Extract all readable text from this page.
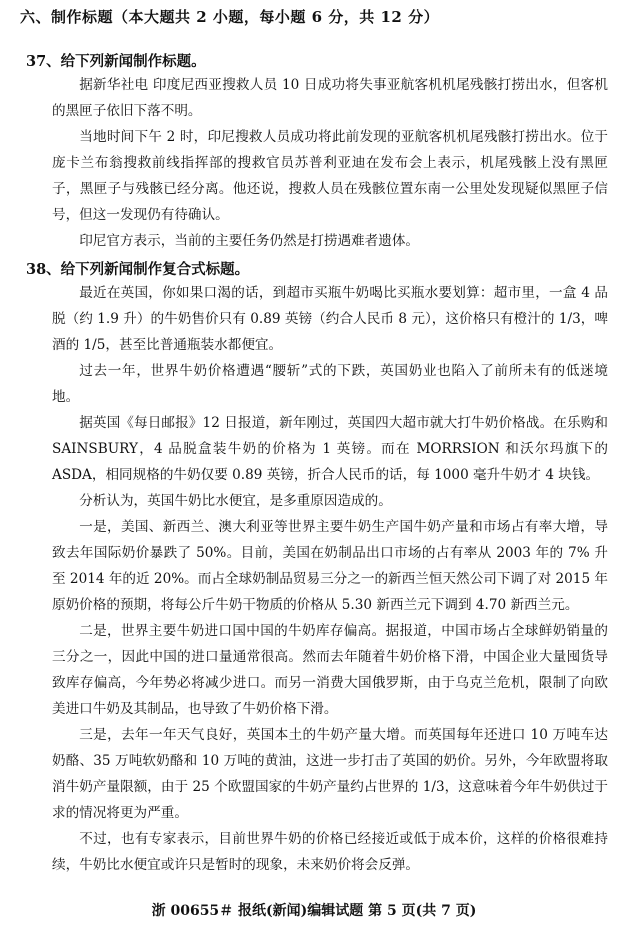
六、制作标题（本大题共 2 小题，每小题 6 分，共 12 分）
37、给下列新闻制作标题。

据新华社电 印度尼西亚搜救人员 10 日成功将失事亚航客机机尾残骸打捞出水，但客机的黑匣子依旧下落不明。

当地时间下午 2 时，印尼搜救人员成功将此前发现的亚航客机机尾残骸打捞出水。位于庞卡兰布翁搜救前线指挥部的搜救官员苏普利亚迪在发布会上表示，机尾残骸上没有黑匣子，黑匣子与残骸已经分离。他还说，搜救人员在残骸位置东南一公里处发现疑似黑匣子信号，但这一发现仍有待确认。

印尼官方表示，当前的主要任务仍然是打捞遇难者遗体。

38、给下列新闻制作复合式标题。

最近在英国，你如果口渴的话，到超市买瓶牛奶喝比买瓶水要划算：超市里，一盒 4 品脱（约 1.9 升）的牛奶售价只有 0.89 英镑（约合人民币 8 元），这价格只有橙汁的 1/3，啤酒的 1/5，甚至比普通瓶装水都便宜。

过去一年，世界牛奶价格遭遇“腰斩”式的下跌，英国奶业也陷入了前所未有的低迷境地。

据英国《每日邮报》12 日报道，新年刚过，英国四大超市就大打牛奶价格战。在乐购和 SAINSBURY，4 品脱盒装牛奶的价格为 1 英镑。而在 MORRSION 和沃尔玛旗下的 ASDA，相同规格的牛奶仅要 0.89 英镑，折合人民币的话，每 1000 毫升牛奶才 4 块钱。

分析认为，英国牛奶比水便宜，是多重原因造成的。

一是，美国、新西兰、澳大利亚等世界主要牛奶生产国牛奶产量和市场占有率大增，导致去年国际奶价暴跌了 50%。目前，美国在奶制品出口市场的占有率从 2003 年的 7% 升至 2014 年的近 20%。而占全球奶制品贸易三分之一的新西兰恒天然公司下调了对 2015 年原奶价格的预期，将每公斤牛奶干物质的价格从 5.30 新西兰元下调到 4.70 新西兰元。

二是，世界主要牛奶进口国中国的牛奶库存偏高。据报道，中国市场占全球鲜奶销量的三分之一，因此中国的进口量通常很高。然而去年随着牛奶价格下滑，中国企业大量囤货导致库存偏高，今年势必将减少进口。而另一消费大国俄罗斯，由于乌克兰危机，限制了向欧美进口牛奶及其制品，也导致了牛奶价格下滑。

三是，去年一年天气良好，英国本土的牛奶产量大增。而英国每年还进口 10 万吨车达奶酪、35 万吨软奶酪和 10 万吨的黄油，这进一步打击了英国的奶价。另外，今年欧盟将取消牛奶产量限额，由于 25 个欧盟国家的牛奶产量约占世界的 1/3，这意味着今年牛奶供过于求的情况将更为严重。

不过，也有专家表示，目前世界牛奶的价格已经接近或低于成本价，这样的价格很难持续，牛奶比水便宜或许只是暂时的现象，未来奶价将会反弹。

浙 00655＃ 报纸(新闻)编辑试题 第 5 页(共 7 页)
